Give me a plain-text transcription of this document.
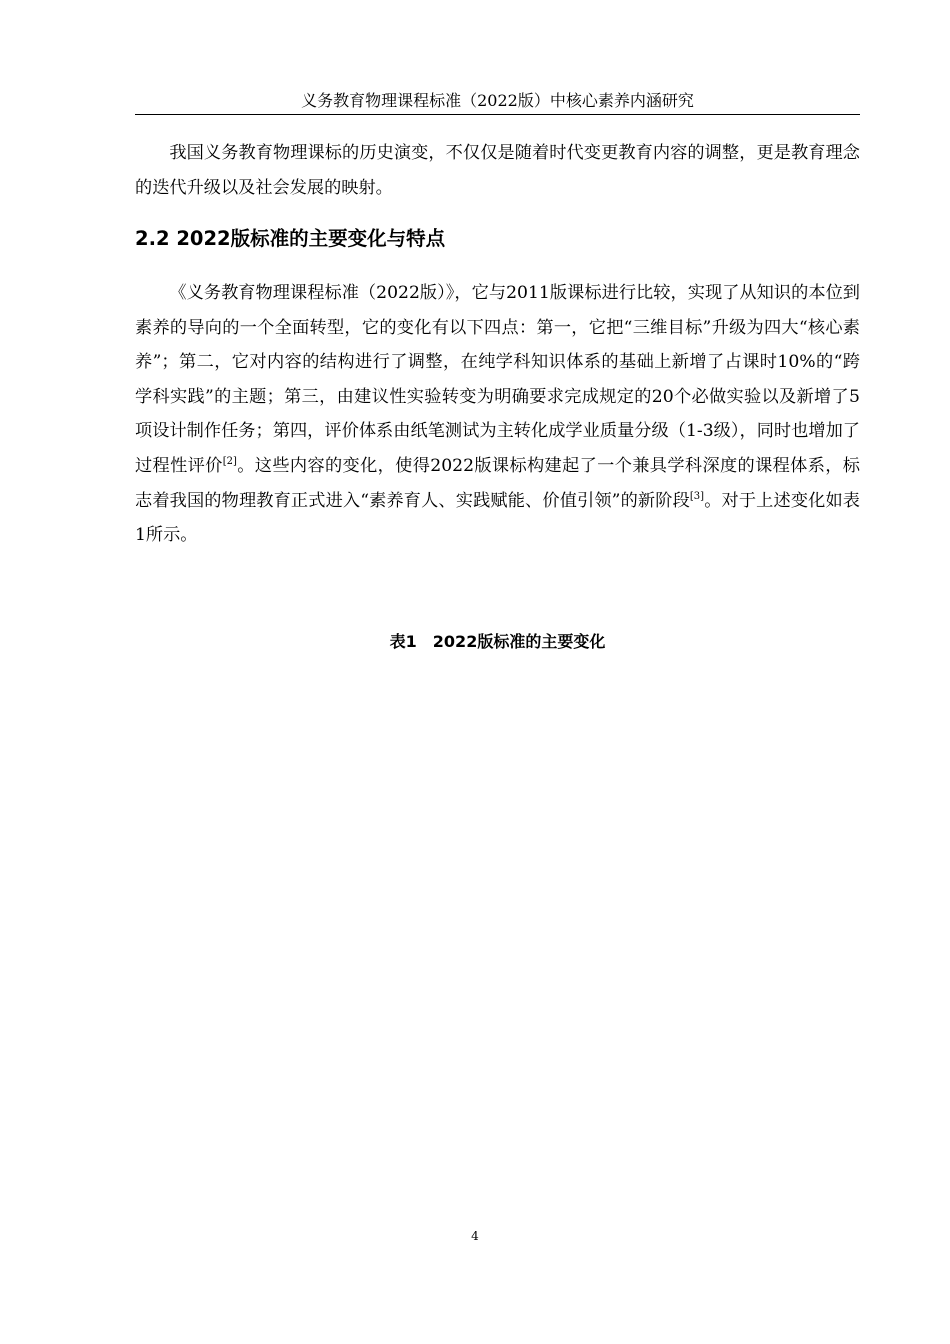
义务教育物理课程标准（2022版）中核心素养内涵研究

我国义务教育物理课标的历史演变，不仅仅是随着时代变更教育内容的调整，更是教育理念的迭代升级以及社会发展的映射。

2.2 2022版标准的主要变化与特点

《义务教育物理课程标准（2022版）》，它与2011版课标进行比较，实现了从知识的本位到素养的导向的一个全面转型，它的变化有以下四点：第一，它把“三维目标”升级为四大“核心素养”；第二，它对内容的结构进行了调整，在纯学科知识体系的基础上新增了占课时10%的“跨学科实践”的主题；第三，由建议性实验转变为明确要求完成规定的20个必做实验以及新增了5项设计制作任务；第四，评价体系由纸笔测试为主转化成学业质量分级（1-3级），同时也增加了过程性评价[2]。这些内容的变化，使得2022版课标构建起了一个兼具学科深度的课程体系，标志着我国的物理教育正式进入“素养育人、实践赋能、价值引领”的新阶段[3]。对于上述变化如表1所示。

表1　2022版标准的主要变化
4
